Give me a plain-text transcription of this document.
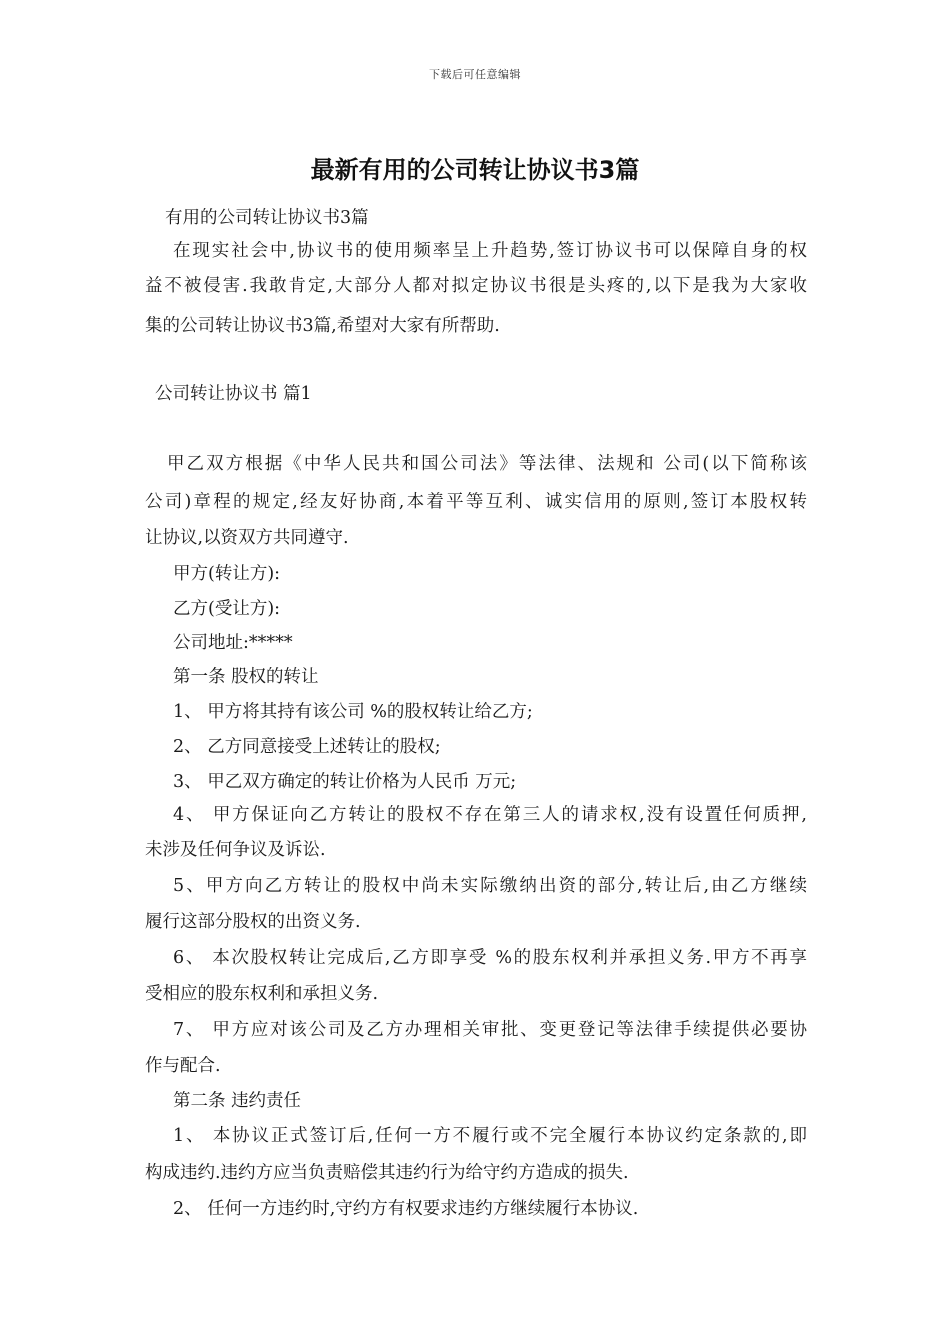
下载后可任意编辑
最新有用的公司转让协议书3篇
有用的公司转让协议书3篇
在现实社会中,协议书的使用频率呈上升趋势,签订协议书可以保障自身的权
益不被侵害.我敢肯定,大部分人都对拟定协议书很是头疼的,以下是我为大家收
集的公司转让协议书3篇,希望对大家有所帮助.
公司转让协议书 篇1
甲乙双方根据《中华人民共和国公司法》等法律、法规和 公司(以下简称该
公司)章程的规定,经友好协商,本着平等互利、诚实信用的原则,签订本股权转
让协议,以资双方共同遵守.
甲方(转让方):
乙方(受让方):
公司地址:*****
第一条 股权的转让
1、 甲方将其持有该公司 %的股权转让给乙方;
2、 乙方同意接受上述转让的股权;
3、 甲乙双方确定的转让价格为人民币 万元;
4、 甲方保证向乙方转让的股权不存在第三人的请求权,没有设置任何质押,
未涉及任何争议及诉讼.
5、甲方向乙方转让的股权中尚未实际缴纳出资的部分,转让后,由乙方继续
履行这部分股权的出资义务.
6、 本次股权转让完成后,乙方即享受 %的股东权利并承担义务.甲方不再享
受相应的股东权利和承担义务.
7、 甲方应对该公司及乙方办理相关审批、变更登记等法律手续提供必要协
作与配合.
第二条 违约责任
1、 本协议正式签订后,任何一方不履行或不完全履行本协议约定条款的,即
构成违约.违约方应当负责赔偿其违约行为给守约方造成的损失.
2、 任何一方违约时,守约方有权要求违约方继续履行本协议.
